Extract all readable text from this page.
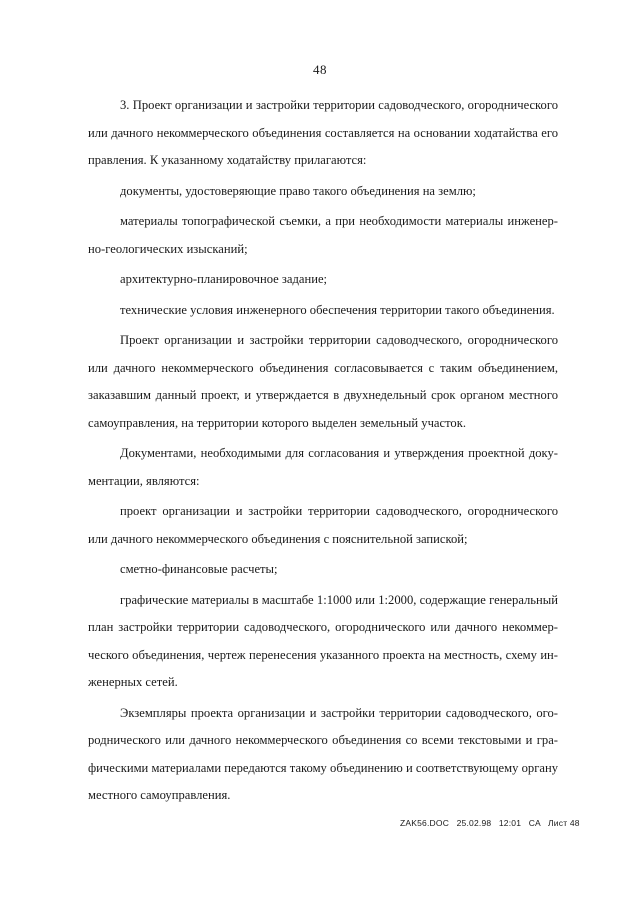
48

3. Проект организации и застройки территории садоводческого, огороднического или дачного некоммерческого объединения составляется на основании ходатайства его правления. К указанному ходатайству прилагаются:

документы, удостоверяющие право такого объединения на землю;

материалы топографической съемки, а при необходимости материалы инженерно-геологических изысканий;

архитектурно-планировочное задание;

технические условия инженерного обеспечения территории такого объединения.

Проект организации и застройки территории садоводческого, огороднического или дачного некоммерческого объединения согласовывается с таким объединением, заказавшим данный проект, и утверждается в двухнедельный срок органом местного самоуправления, на территории которого выделен земельный участок.

Документами, необходимыми для согласования и утверждения проектной документации, являются:

проект организации и застройки территории садоводческого, огороднического или дачного некоммерческого объединения с пояснительной запиской;

сметно-финансовые расчеты;

графические материалы в масштабе 1:1000 или 1:2000, содержащие генеральный план застройки территории садоводческого, огороднического или дачного некоммерческого объединения, чертеж перенесения указанного проекта на местность, схему инженерных сетей.

Экземпляры проекта организации и застройки территории садоводческого, огороднического или дачного некоммерческого объединения со всеми текстовыми и графическими материалами передаются такому объединению и соответствующему органу местного самоуправления.

ZAK56.DOC 25.02.98 12:01 CA Лист 48
